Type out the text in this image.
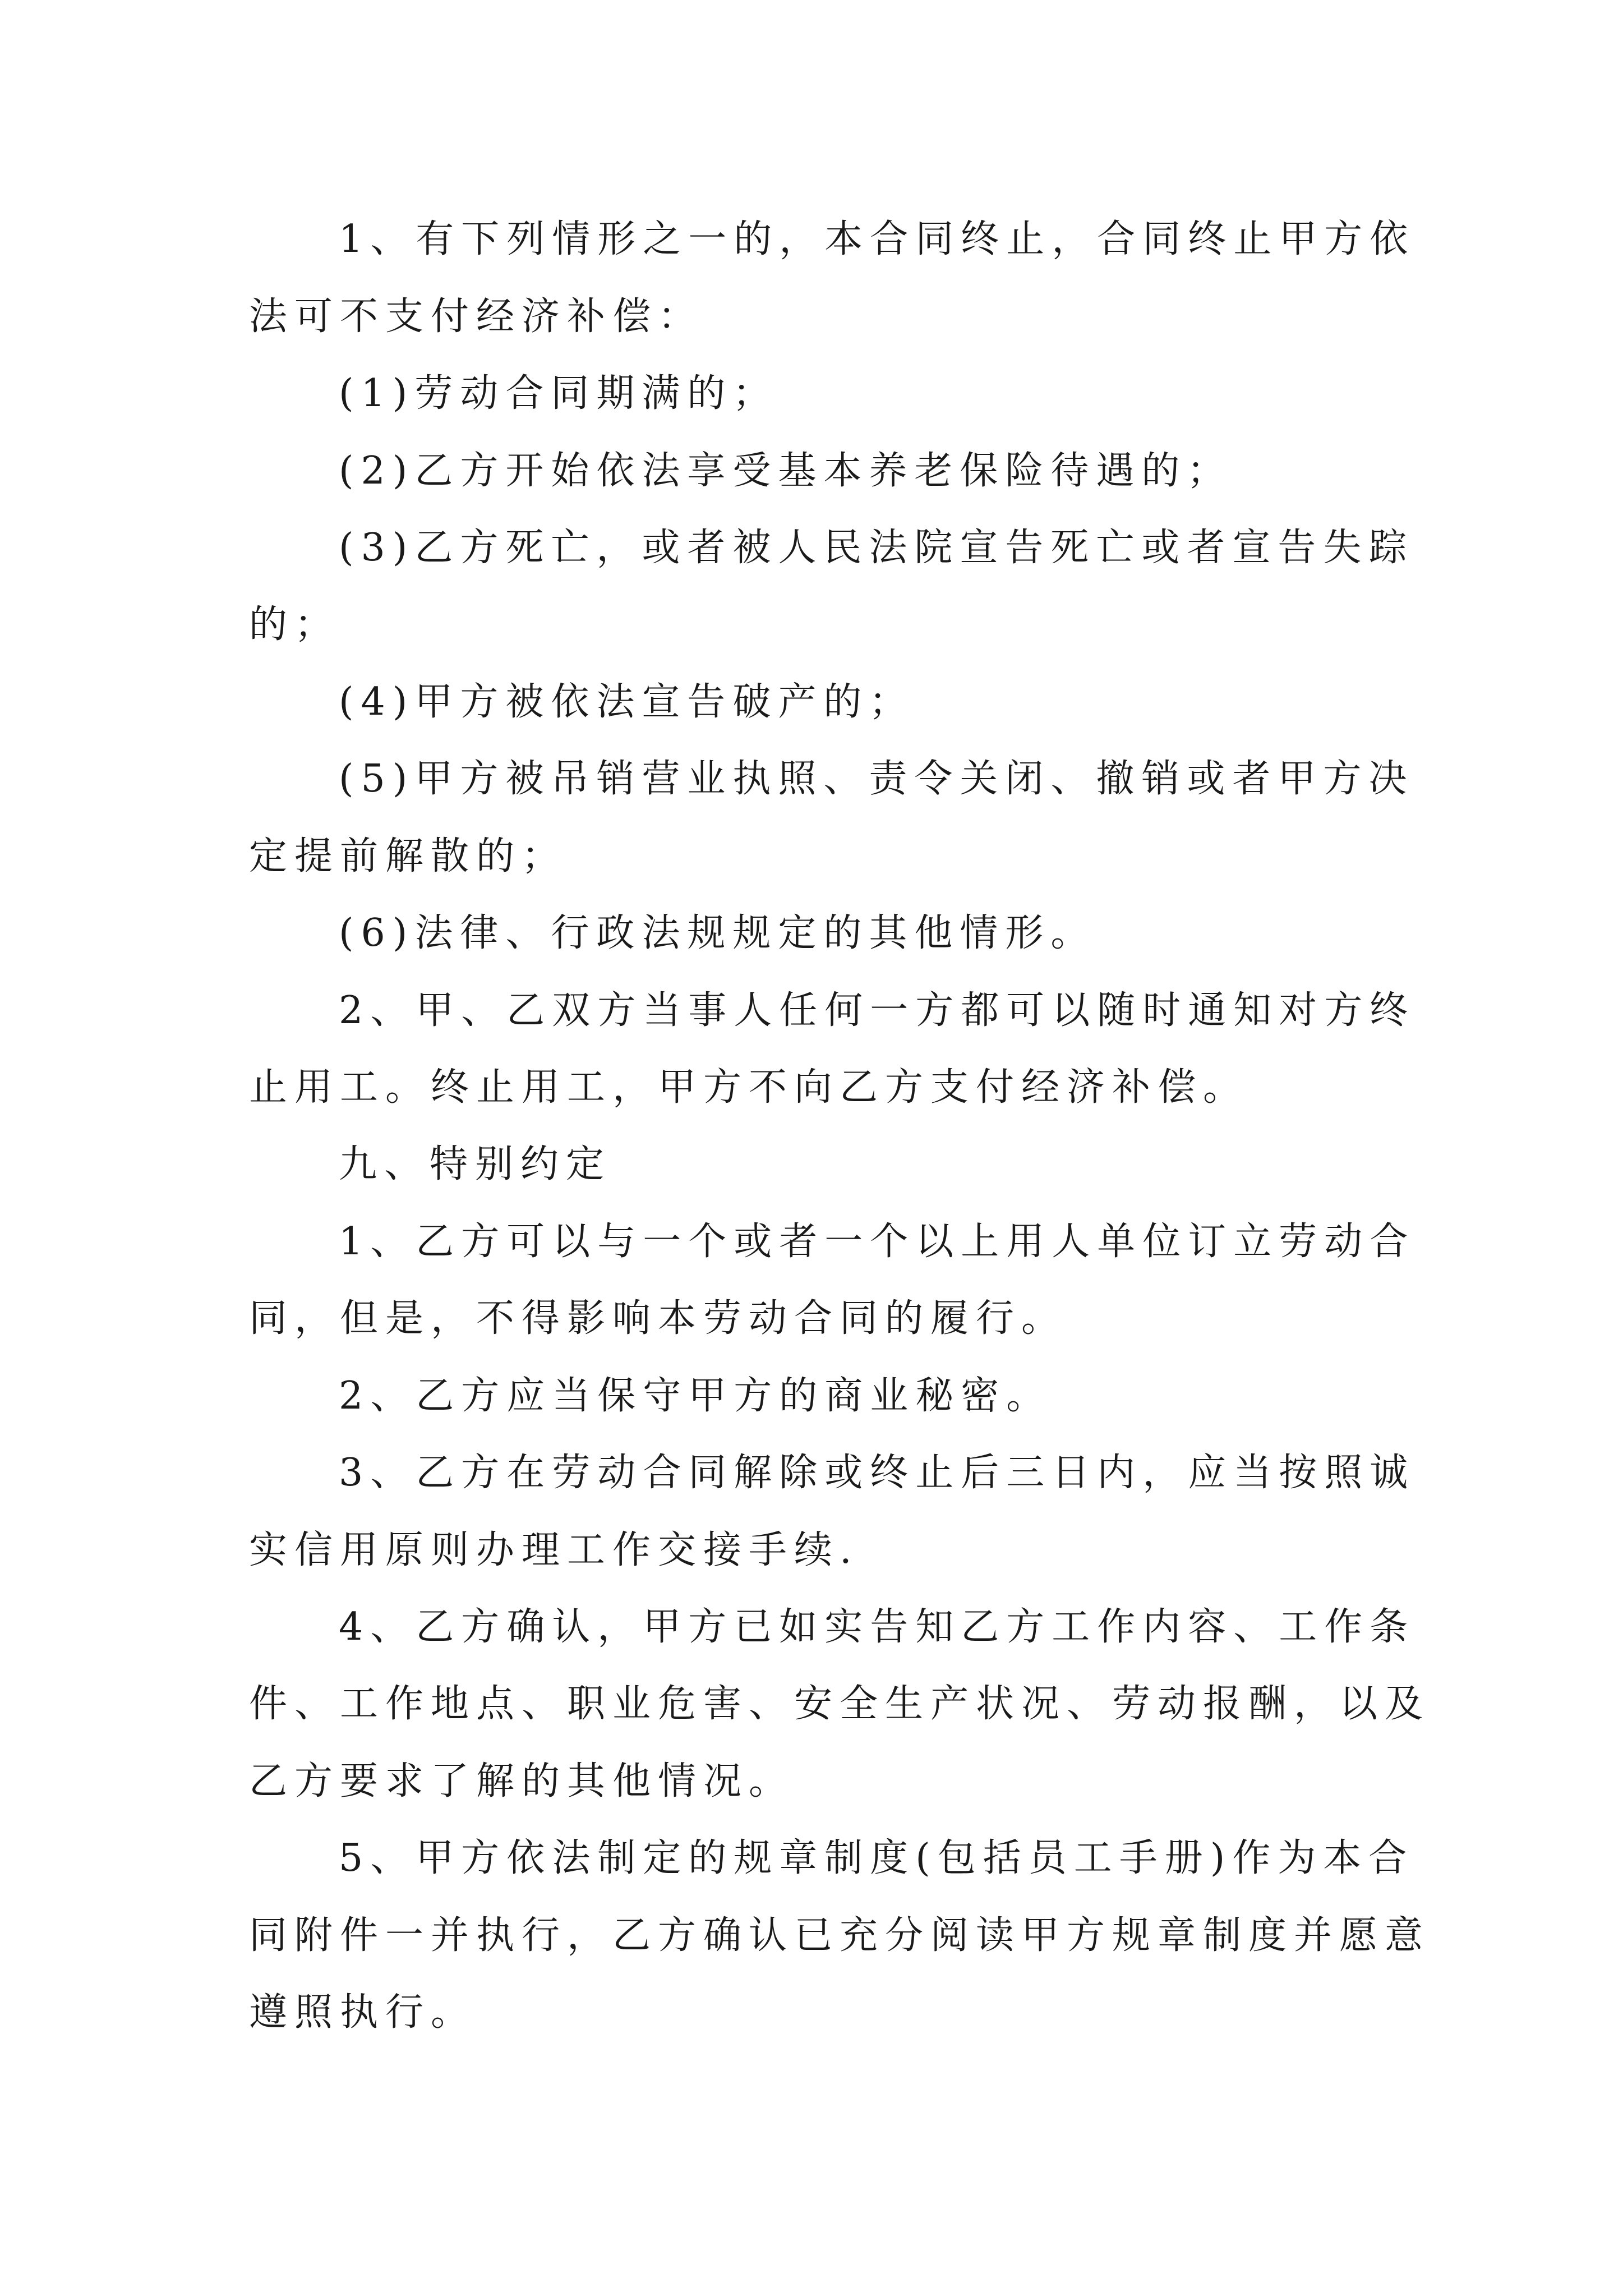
1、有下列情形之一的，本合同终止，合同终止甲方依

法可不支付经济补偿：

(1)劳动合同期满的；

(2)乙方开始依法享受基本养老保险待遇的；

(3)乙方死亡，或者被人民法院宣告死亡或者宣告失踪

的；

(4)甲方被依法宣告破产的；

(5)甲方被吊销营业执照、责令关闭、撤销或者甲方决

定提前解散的；

(6)法律、行政法规规定的其他情形。

2、甲、乙双方当事人任何一方都可以随时通知对方终

止用工。终止用工，甲方不向乙方支付经济补偿。

九、特别约定

1、乙方可以与一个或者一个以上用人单位订立劳动合

同，但是，不得影响本劳动合同的履行。

2、乙方应当保守甲方的商业秘密。

3、乙方在劳动合同解除或终止后三日内，应当按照诚

实信用原则办理工作交接手续.

4、乙方确认，甲方已如实告知乙方工作内容、工作条

件、工作地点、职业危害、安全生产状况、劳动报酬，以及

乙方要求了解的其他情况。

5、甲方依法制定的规章制度(包括员工手册)作为本合

同附件一并执行，乙方确认已充分阅读甲方规章制度并愿意

遵照执行。
